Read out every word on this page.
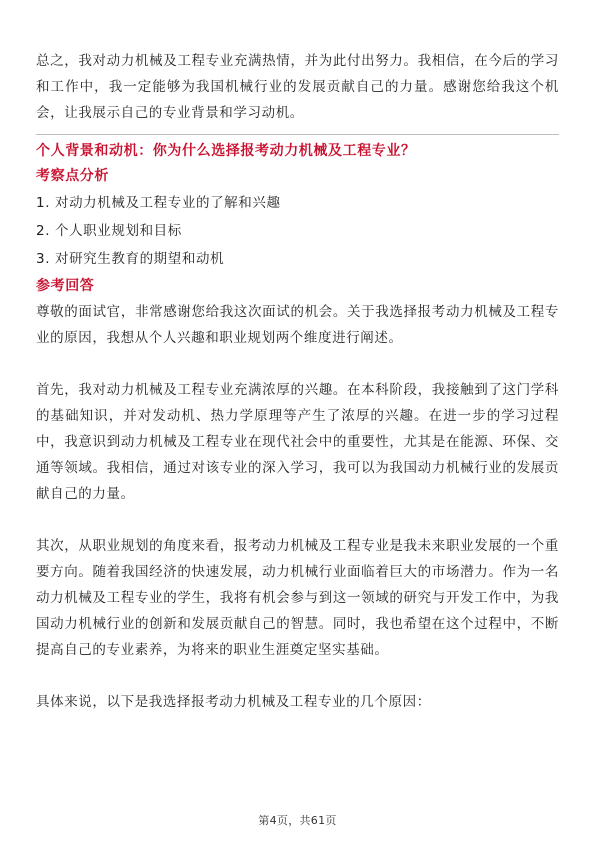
总之，我对动力机械及工程专业充满热情，并为此付出努力。我相信，在今后的学习和工作中，我一定能够为我国机械行业的发展贡献自己的力量。感谢您给我这个机会，让我展示自己的专业背景和学习动机。

个人背景和动机：你为什么选择报考动力机械及工程专业？

考察点分析

1. 对动力机械及工程专业的了解和兴趣
2. 个人职业规划和目标
3. 对研究生教育的期望和动机

参考回答

尊敬的面试官，非常感谢您给我这次面试的机会。关于我选择报考动力机械及工程专业的原因，我想从个人兴趣和职业规划两个维度进行阐述。

首先，我对动力机械及工程专业充满浓厚的兴趣。在本科阶段，我接触到了这门学科的基础知识，并对发动机、热力学原理等产生了浓厚的兴趣。在进一步的学习过程中，我意识到动力机械及工程专业在现代社会中的重要性，尤其是在能源、环保、交通等领域。我相信，通过对该专业的深入学习，我可以为我国动力机械行业的发展贡献自己的力量。

其次，从职业规划的角度来看，报考动力机械及工程专业是我未来职业发展的一个重要方向。随着我国经济的快速发展，动力机械行业面临着巨大的市场潜力。作为一名动力机械及工程专业的学生，我将有机会参与到这一领域的研究与开发工作中，为我国动力机械行业的创新和发展贡献自己的智慧。同时，我也希望在这个过程中，不断提高自己的专业素养，为将来的职业生涯奠定坚实基础。

具体来说，以下是我选择报考动力机械及工程专业的几个原因：

第4页，共61页
